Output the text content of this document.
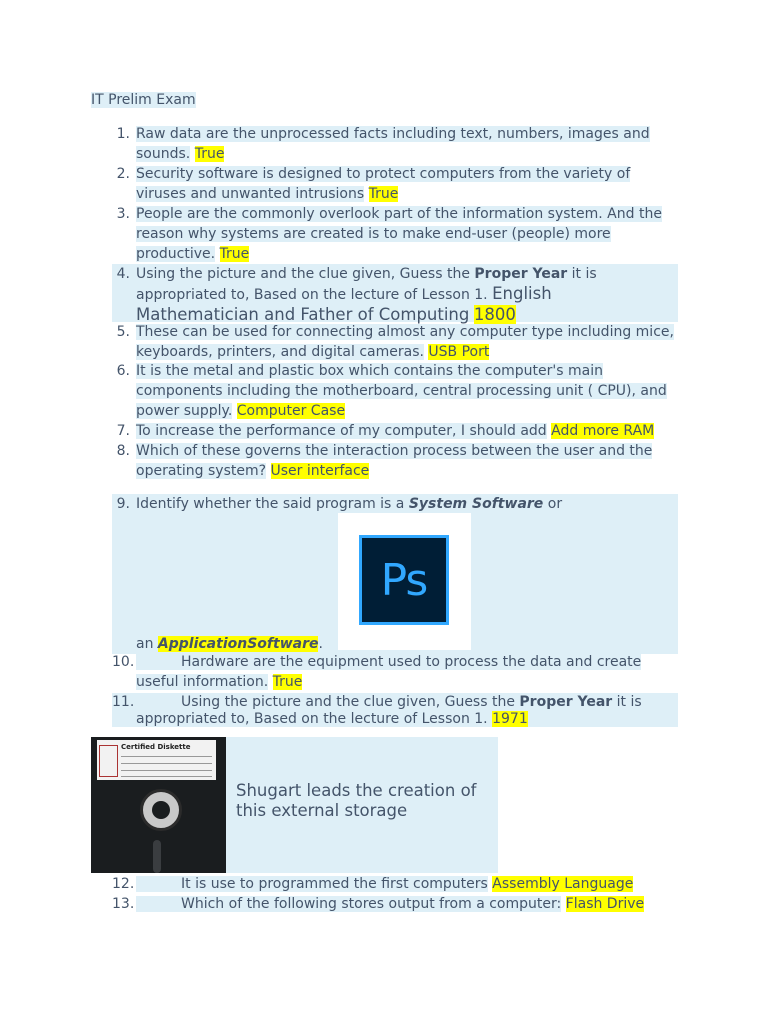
IT Prelim Exam
1. Raw data are the unprocessed facts including text, numbers, images and sounds. True
2. Security software is designed to protect computers from the variety of viruses and unwanted intrusions True
3. People are the commonly overlook part of the information system. And the reason why systems are created is to make end-user (people) more productive. True
4. Using the picture and the clue given, Guess the Proper Year it is appropriated to, Based on the lecture of Lesson 1. English Mathematician and Father of Computing 1800
5. These can be used for connecting almost any computer type including mice, keyboards, printers, and digital cameras. USB Port
6. It is the metal and plastic box which contains the computer's main components including the motherboard, central processing unit ( CPU), and power supply. Computer Case
7. To increase the performance of my computer, I should add Add more RAM
8. Which of these governs the interaction process between the user and the operating system? User interface
9. Identify whether the said program is a System Software or
an ApplicationSoftware.
Ps
10.	Hardware are the equipment used to process the data and create
useful information. True
11.	Using the picture and the clue given, Guess the Proper Year it is
appropriated to, Based on the lecture of Lesson 1. 1971
Certified Diskette
Shugart leads the creation of this external storage
12.	It is use to programmed the first computers Assembly Language
13.	Which of the following stores output from a computer: Flash Drive
